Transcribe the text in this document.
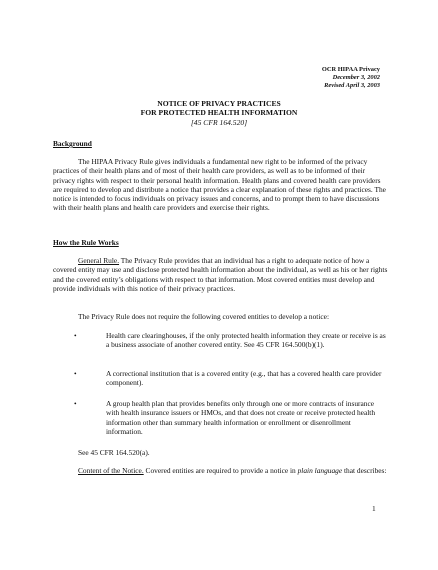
OCR HIPAA Privacy
December 3, 2002
Revised April 3, 2003
NOTICE OF PRIVACY PRACTICES
FOR PROTECTED HEALTH INFORMATION
[45 CFR 164.520]
Background
The HIPAA Privacy Rule gives individuals a fundamental new right to be informed of the privacy practices of their health plans and of most of their health care providers, as well as to be informed of their privacy rights with respect to their personal health information. Health plans and covered health care providers are required to develop and distribute a notice that provides a clear explanation of these rights and practices. The notice is intended to focus individuals on privacy issues and concerns, and to prompt them to have discussions with their health plans and health care providers and exercise their rights.
How the Rule Works
General Rule. The Privacy Rule provides that an individual has a right to adequate notice of how a covered entity may use and disclose protected health information about the individual, as well as his or her rights and the covered entity’s obligations with respect to that information. Most covered entities must develop and provide individuals with this notice of their privacy practices.
The Privacy Rule does not require the following covered entities to develop a notice:
•	Health care clearinghouses, if the only protected health information they create or receive is as a business associate of another covered entity. See 45 CFR 164.500(b)(1).
•	A correctional institution that is a covered entity (e.g., that has a covered health care provider component).
•	A group health plan that provides benefits only through one or more contracts of insurance with health insurance issuers or HMOs, and that does not create or receive protected health information other than summary health information or enrollment or disenrollment information.
See 45 CFR 164.520(a).
Content of the Notice. Covered entities are required to provide a notice in plain language that describes:
1
